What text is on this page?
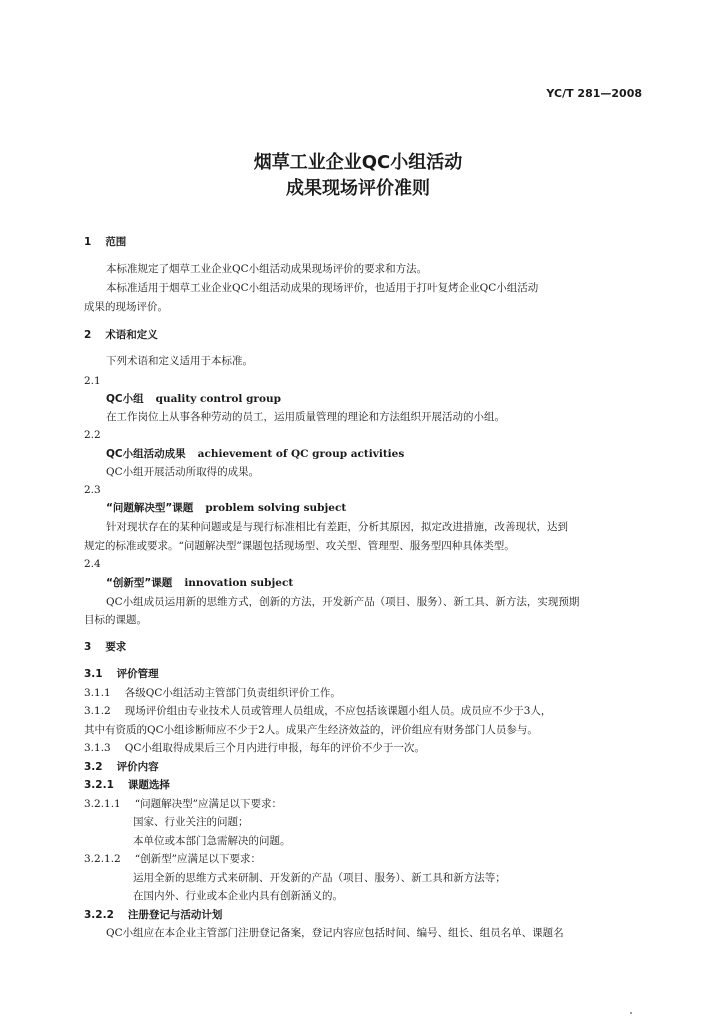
YC/T 281—2008
烟草工业企业QC小组活动
成果现场评价准则
1 范围
本标准规定了烟草工业企业QC小组活动成果现场评价的要求和方法。
本标准适用于烟草工业企业QC小组活动成果的现场评价，也适用于打叶复烤企业QC小组活动
成果的现场评价。
2 术语和定义
下列术语和定义适用于本标准。
2.1
QC小组 quality control group
在工作岗位上从事各种劳动的员工，运用质量管理的理论和方法组织开展活动的小组。
2.2
QC小组活动成果 achievement of QC group activities
QC小组开展活动所取得的成果。
2.3
“问题解决型”课题 problem solving subject
针对现状存在的某种问题或是与现行标准相比有差距，分析其原因，拟定改进措施，改善现状，达到
规定的标准或要求。“问题解决型”课题包括现场型、攻关型、管理型、服务型四种具体类型。
2.4
“创新型”课题 innovation subject
QC小组成员运用新的思维方式，创新的方法，开发新产品（项目、服务）、新工具、新方法，实现预期
目标的课题。
3 要求
3.1 评价管理
3.1.1 各级QC小组活动主管部门负责组织评价工作。
3.1.2 现场评价组由专业技术人员或管理人员组成，不应包括该课题小组人员。成员应不少于3人，
其中有资质的QC小组诊断师应不少于2人。成果产生经济效益的，评价组应有财务部门人员参与。
3.1.3 QC小组取得成果后三个月内进行申报，每年的评价不少于一次。
3.2 评价内容
3.2.1 课题选择
3.2.1.1 “问题解决型”应满足以下要求：
国家、行业关注的问题；
本单位或本部门急需解决的问题。
3.2.1.2 “创新型”应满足以下要求：
运用全新的思维方式来研制、开发新的产品（项目、服务）、新工具和新方法等；
在国内外、行业或本企业内具有创新涵义的。
3.2.2 注册登记与活动计划
QC小组应在本企业主管部门注册登记备案，登记内容应包括时间、编号、组长、组员名单、课题名
